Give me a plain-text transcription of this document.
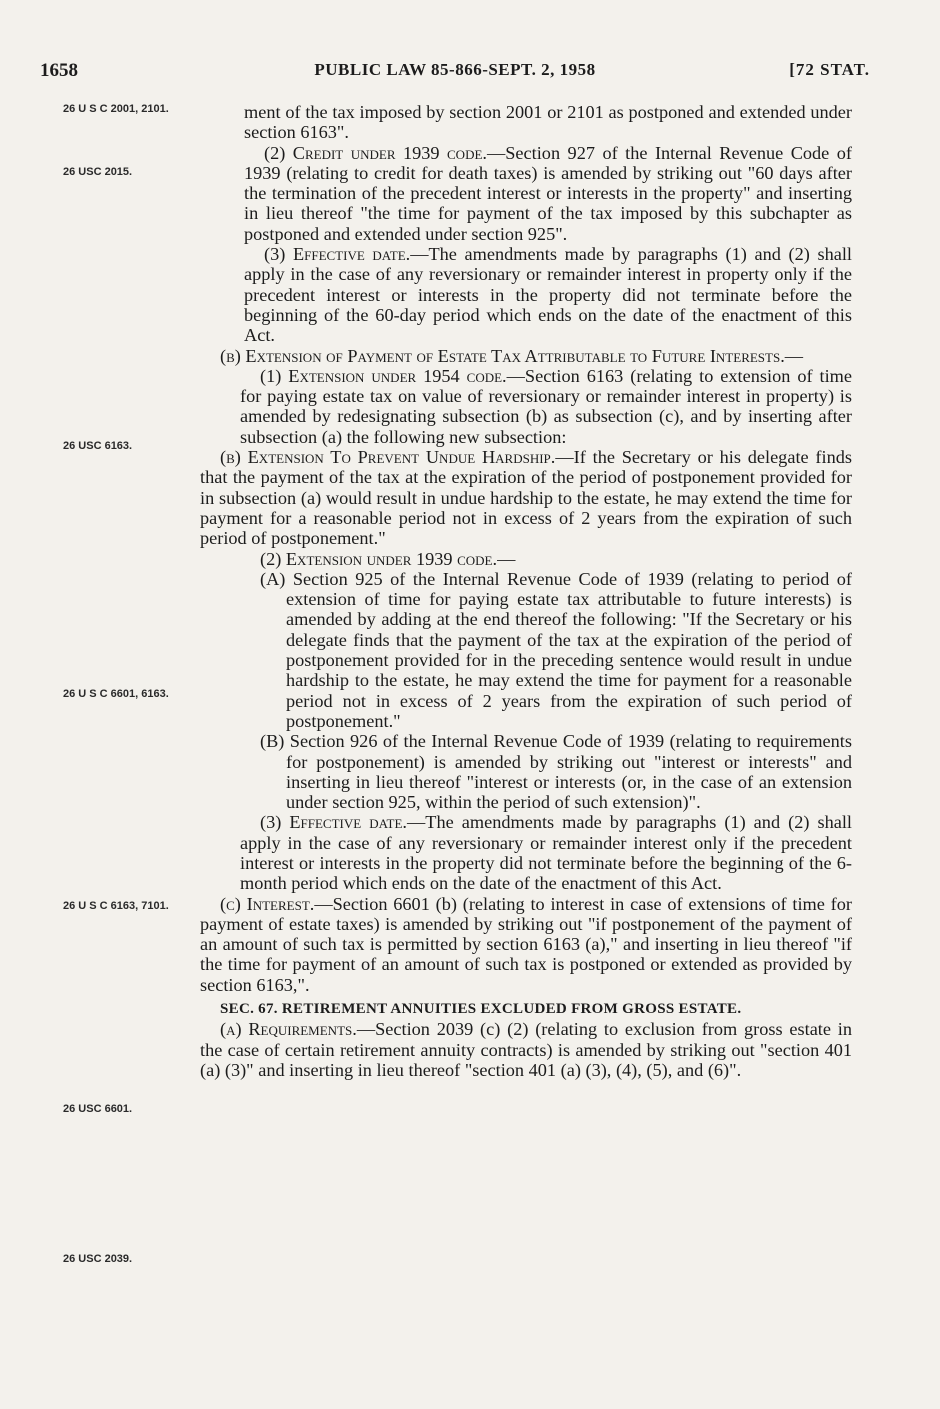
1658	PUBLIC LAW 85-866-SEPT. 2, 1958	[72 STAT.
26 U S C 2001, 2101.
26 USC 2015.
26 USC 6163.
26 U S C 6601, 6163.
26 U S C 6163, 7101.
26 USC 6601.
26 USC 2039.

ment of the tax imposed by section 2001 or 2101 as postponed and extended under section 6163".

(2) Credit under 1939 code.—Section 927 of the Internal Revenue Code of 1939 (relating to credit for death taxes) is amended by striking out "60 days after the termination of the precedent interest or interests in the property" and inserting in lieu thereof "the time for payment of the tax imposed by this subchapter as postponed and extended under section 925".

(3) Effective date.—The amendments made by paragraphs (1) and (2) shall apply in the case of any reversionary or remainder interest in property only if the precedent interest or interests in the property did not terminate before the beginning of the 60-day period which ends on the date of the enactment of this Act.

(b) Extension of Payment of Estate Tax Attributable to Future Interests.—

(1) Extension under 1954 code.—Section 6163 (relating to extension of time for paying estate tax on value of reversionary or remainder interest in property) is amended by redesignating subsection (b) as subsection (c), and by inserting after subsection (a) the following new subsection:

(b) Extension To Prevent Undue Hardship.—If the Secretary or his delegate finds that the payment of the tax at the expiration of the period of postponement provided for in subsection (a) would result in undue hardship to the estate, he may extend the time for payment for a reasonable period not in excess of 2 years from the expiration of such period of postponement."

(2) Extension under 1939 code.—

(A) Section 925 of the Internal Revenue Code of 1939 (relating to period of extension of time for paying estate tax attributable to future interests) is amended by adding at the end thereof the following: "If the Secretary or his delegate finds that the payment of the tax at the expiration of the period of postponement provided for in the preceding sentence would result in undue hardship to the estate, he may extend the time for payment for a reasonable period not in excess of 2 years from the expiration of such period of postponement."

(B) Section 926 of the Internal Revenue Code of 1939 (relating to requirements for postponement) is amended by striking out "interest or interests" and inserting in lieu thereof "interest or interests (or, in the case of an extension under section 925, within the period of such extension)".

(3) Effective date.—The amendments made by paragraphs (1) and (2) shall apply in the case of any reversionary or remainder interest only if the precedent interest or interests in the property did not terminate before the beginning of the 6-month period which ends on the date of the enactment of this Act.

(c) Interest.—Section 6601 (b) (relating to interest in case of extensions of time for payment of estate taxes) is amended by striking out "if postponement of the payment of an amount of such tax is permitted by section 6163 (a)," and inserting in lieu thereof "if the time for payment of an amount of such tax is postponed or extended as provided by section 6163,".

SEC. 67. RETIREMENT ANNUITIES EXCLUDED FROM GROSS ESTATE.

(a) Requirements.—Section 2039 (c) (2) (relating to exclusion from gross estate in the case of certain retirement annuity contracts) is amended by striking out "section 401 (a) (3)" and inserting in lieu thereof "section 401 (a) (3), (4), (5), and (6)".
